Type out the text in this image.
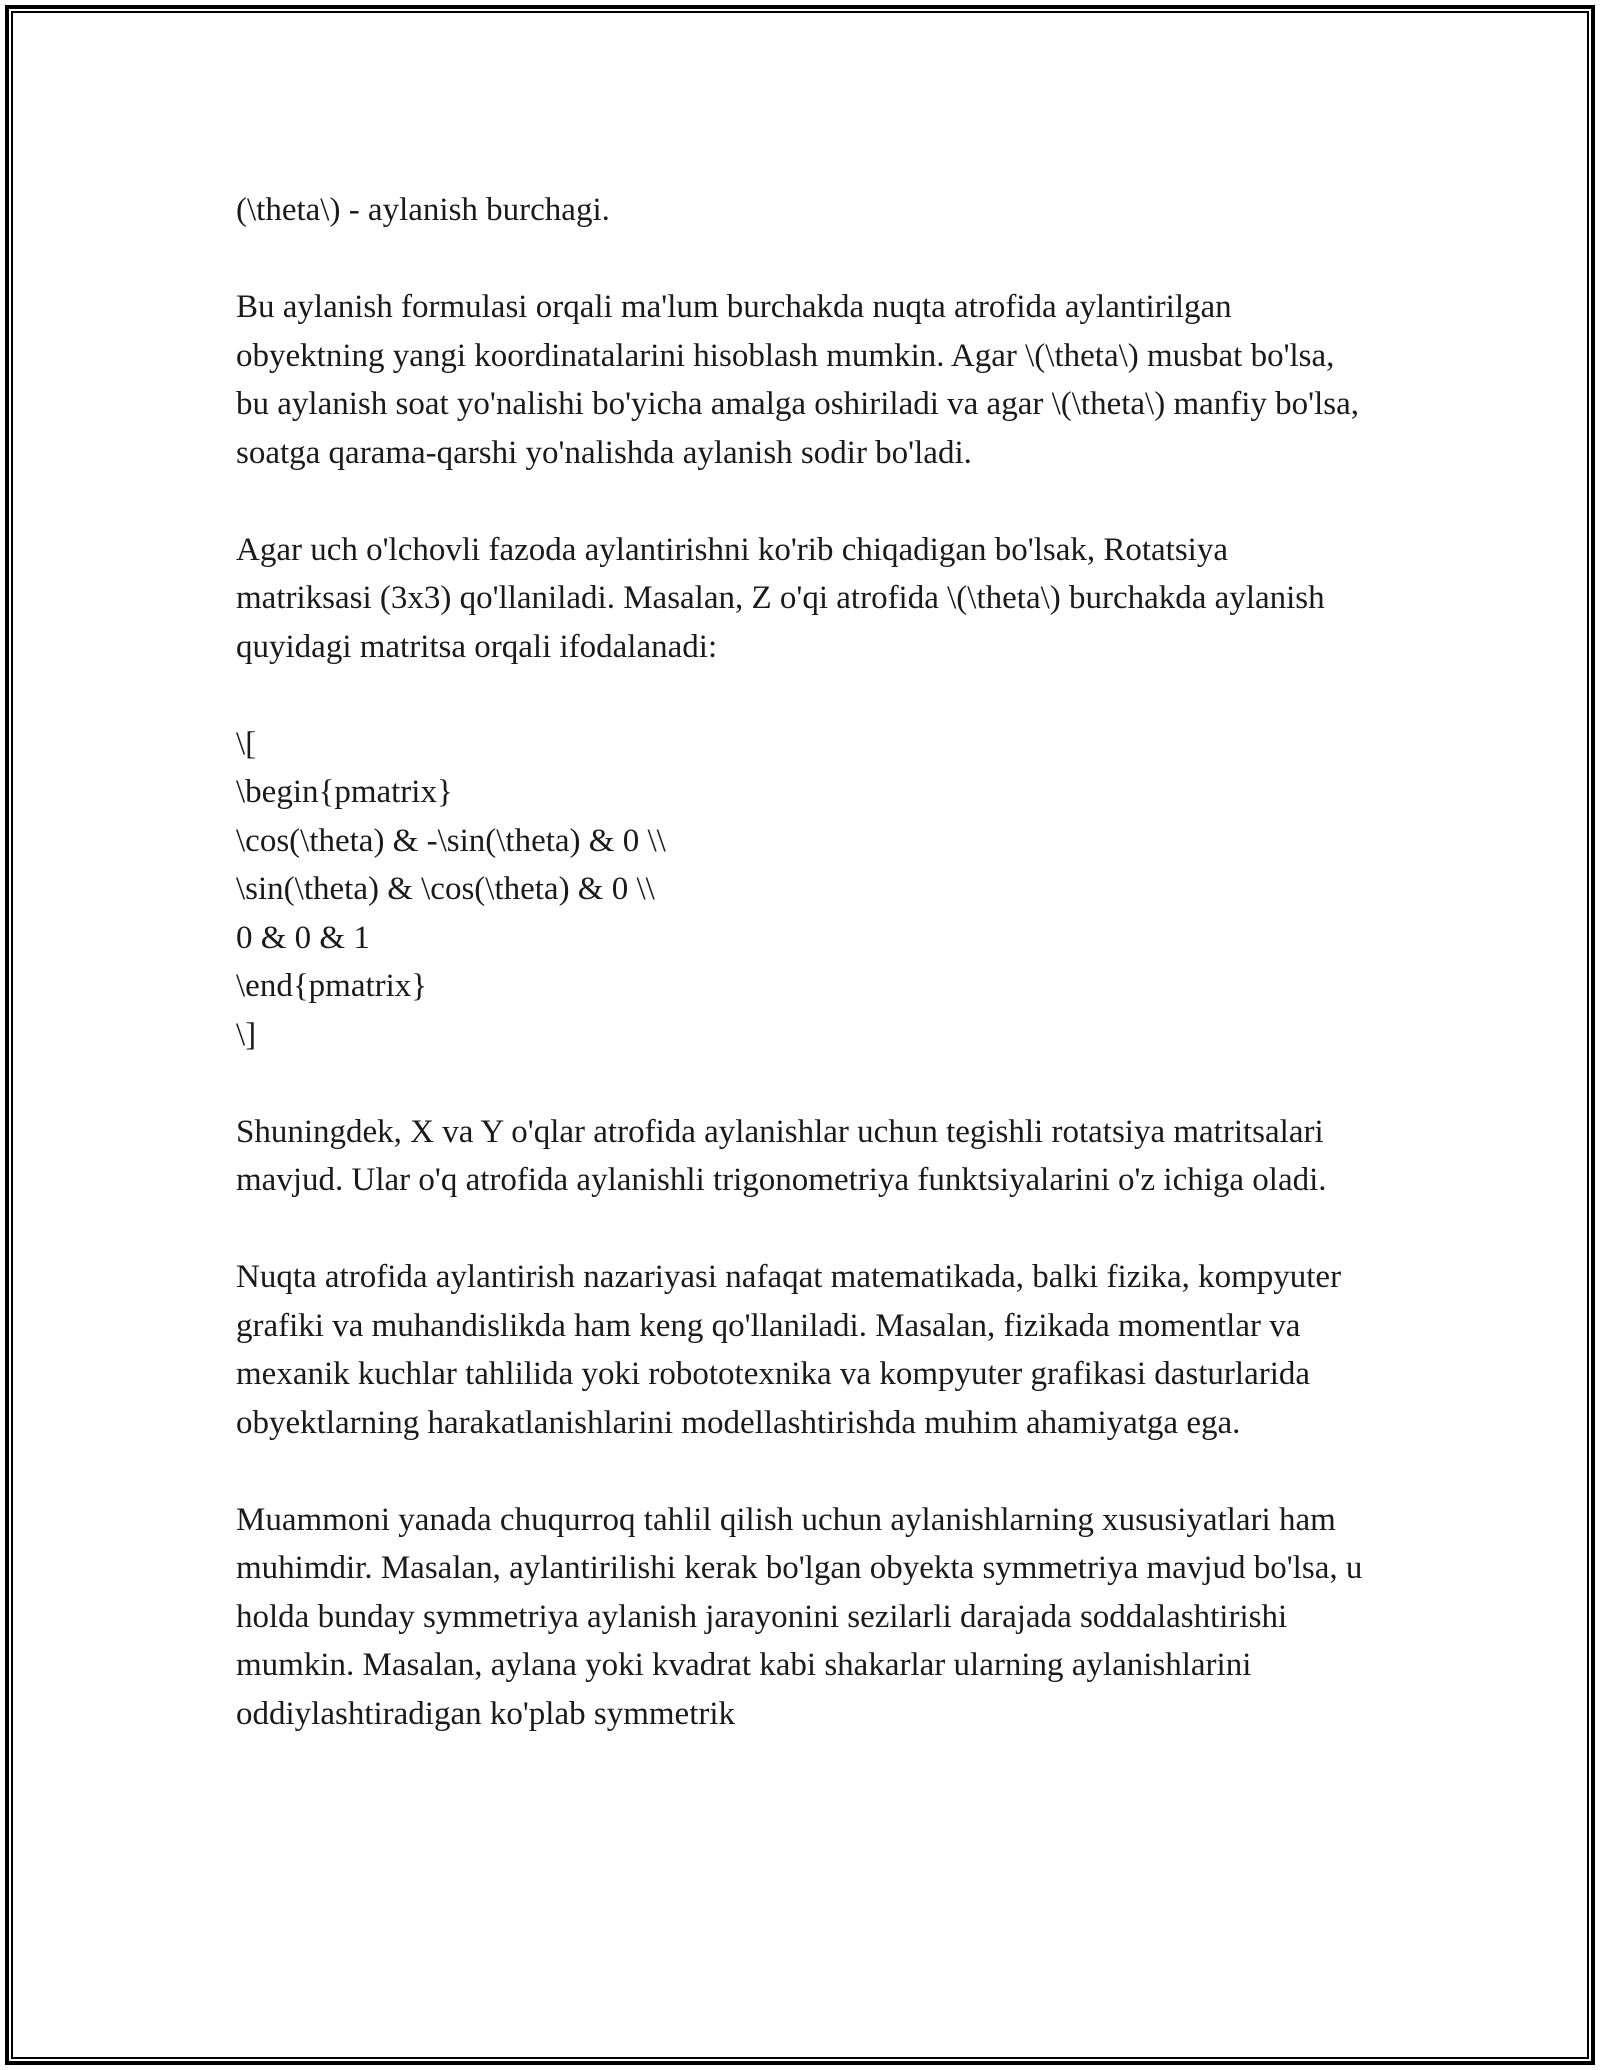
(\theta\) - aylanish burchagi.

Bu aylanish formulasi orqali ma'lum burchakda nuqta atrofida aylantirilgan obyektning yangi koordinatalarini hisoblash mumkin. Agar \(\theta\) musbat bo'lsa, bu aylanish soat yo'nalishi bo'yicha amalga oshiriladi va agar \(\theta\) manfiy bo'lsa, soatga qarama-qarshi yo'nalishda aylanish sodir bo'ladi.

Agar uch o'lchovli fazoda aylantirishni ko'rib chiqadigan bo'lsak, Rotatsiya matriksasi (3x3) qo'llaniladi. Masalan, Z o'qi atrofida \(\theta\) burchakda aylanish quyidagi matritsa orqali ifodalanadi:

\[
\begin{pmatrix}
\cos(\theta) & -\sin(\theta) & 0 \\
\sin(\theta) & \cos(\theta) & 0 \\
0 & 0 & 1
\end{pmatrix}
\]

Shuningdek, X va Y o'qlar atrofida aylanishlar uchun tegishli rotatsiya matritsalari mavjud. Ular o'q atrofida aylanishli trigonometriya funktsiyalarini o'z ichiga oladi.

Nuqta atrofida aylantirish nazariyasi nafaqat matematikada, balki fizika, kompyuter grafiki va muhandislikda ham keng qo'llaniladi. Masalan, fizikada momentlar va mexanik kuchlar tahlilida yoki robototexnika va kompyuter grafikasi dasturlarida obyektlarning harakatlanishlarini modellashtirishda muhim ahamiyatga ega.

Muammoni yanada chuqurroq tahlil qilish uchun aylanishlarning xususiyatlari ham muhimdir. Masalan, aylantirilishi kerak bo'lgan obyekta symmetriya mavjud bo'lsa, u holda bunday symmetriya aylanish jarayonini sezilarli darajada soddalashtirishi mumkin. Masalan, aylana yoki kvadrat kabi shakarlar ularning aylanishlarini oddiylashtiradigan ko'plab symmetrik
